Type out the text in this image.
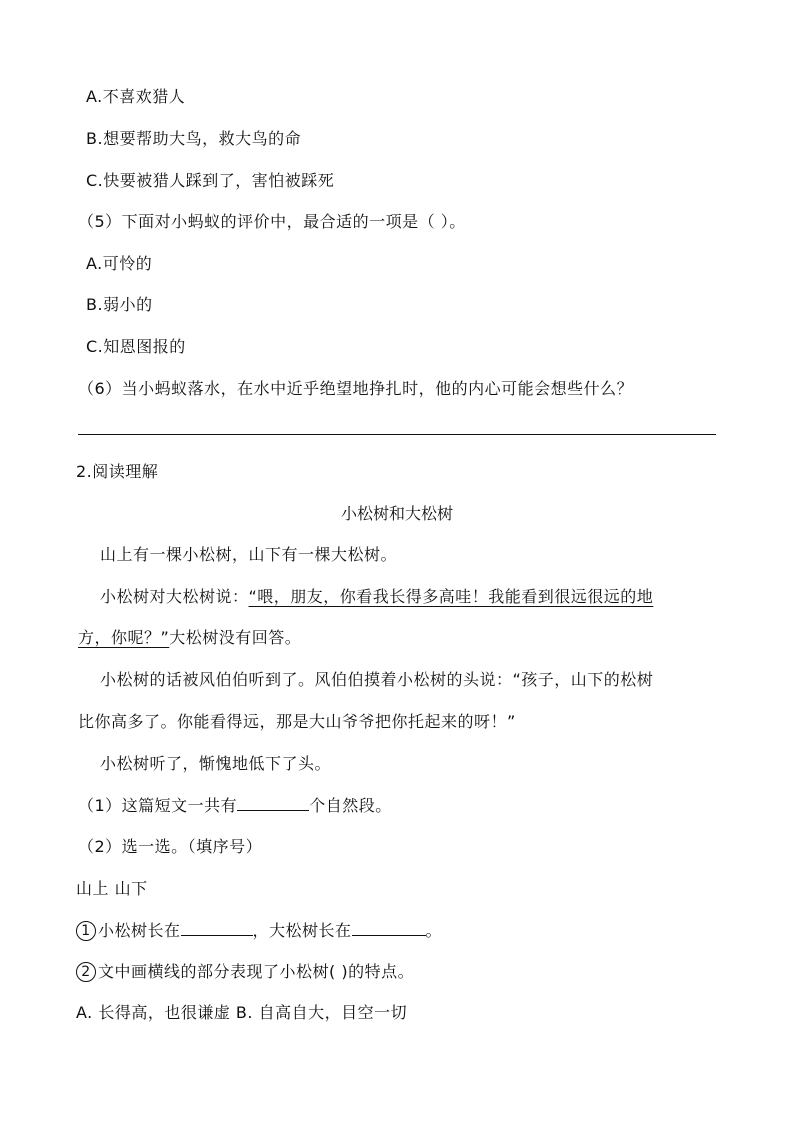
A.不喜欢猎人
B.想要帮助大鸟，救大鸟的命
C.快要被猎人踩到了，害怕被踩死
（5）下面对小蚂蚁的评价中，最合适的一项是（ ）。
A.可怜的
B.弱小的
C.知恩图报的
（6）当小蚂蚁落水，在水中近乎绝望地挣扎时，他的内心可能会想些什么？
2.阅读理解
小松树和大松树
山上有一棵小松树，山下有一棵大松树。
小松树对大松树说：“喂，朋友，你看我长得多高哇！我能看到很远很远的地
方，你呢？”大松树没有回答。
小松树的话被风伯伯听到了。风伯伯摸着小松树的头说：“孩子，山下的松树
比你高多了。你能看得远，那是大山爷爷把你托起来的呀！”
小松树听了，惭愧地低下了头。
（1）这篇短文一共有	个自然段。
（2）选一选。（填序号）
山上 山下
1 小松树长在	，大松树长在	。
2 文中画横线的部分表现了小松树( )的特点。
A. 长得高，也很谦虚 B. 自高自大，目空一切
